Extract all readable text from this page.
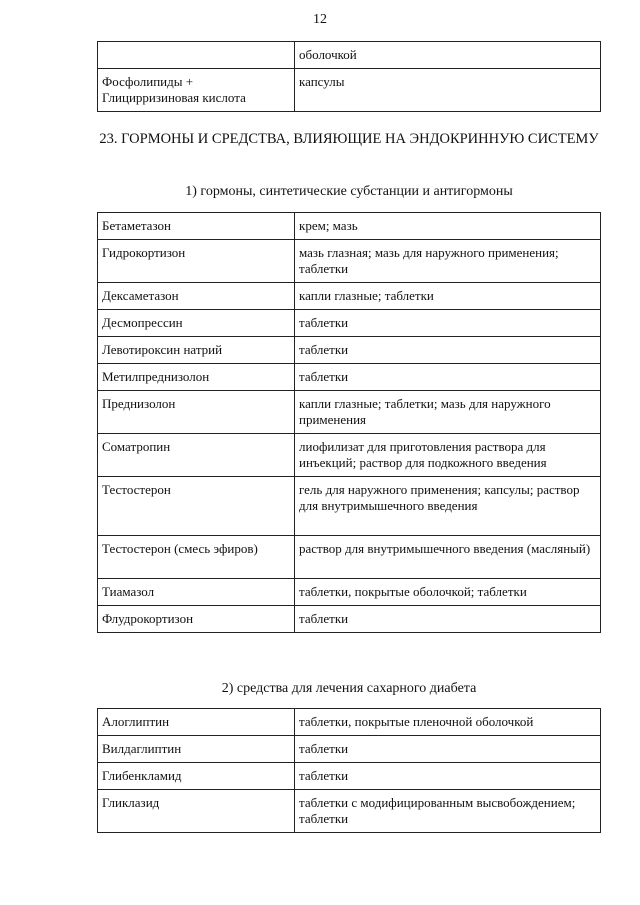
12
	оболочкой

Фосфолипиды +
Глицирризиновая кислота	капсулы
23. ГОРМОНЫ И СРЕДСТВА, ВЛИЯЮЩИЕ НА ЭНДОКРИННУЮ СИСТЕМУ
1) гормоны, синтетические субстанции и антигормоны
Бетаметазон	крем; мазь
Гидрокортизон	мазь глазная; мазь для наружного применения; таблетки
Дексаметазон	капли глазные; таблетки
Десмопрессин	таблетки
Левотироксин натрий	таблетки
Метилпреднизолон	таблетки
Преднизолон	капли глазные; таблетки; мазь для наружного применения
Соматропин	лиофилизат для приготовления раствора для инъекций; раствор для подкожного введения
Тестостерон	гель для наружного применения; капсулы; раствор для внутримышечного введения
Тестостерон (смесь эфиров)	раствор для внутримышечного введения (масляный)
Тиамазол	таблетки, покрытые оболочкой; таблетки
Флудрокортизон	таблетки
2) средства для лечения сахарного диабета
Алоглиптин	таблетки, покрытые пленочной оболочкой
Вилдаглиптин	таблетки
Глибенкламид	таблетки
Гликлазид	таблетки с модифицированным высвобождением; таблетки
